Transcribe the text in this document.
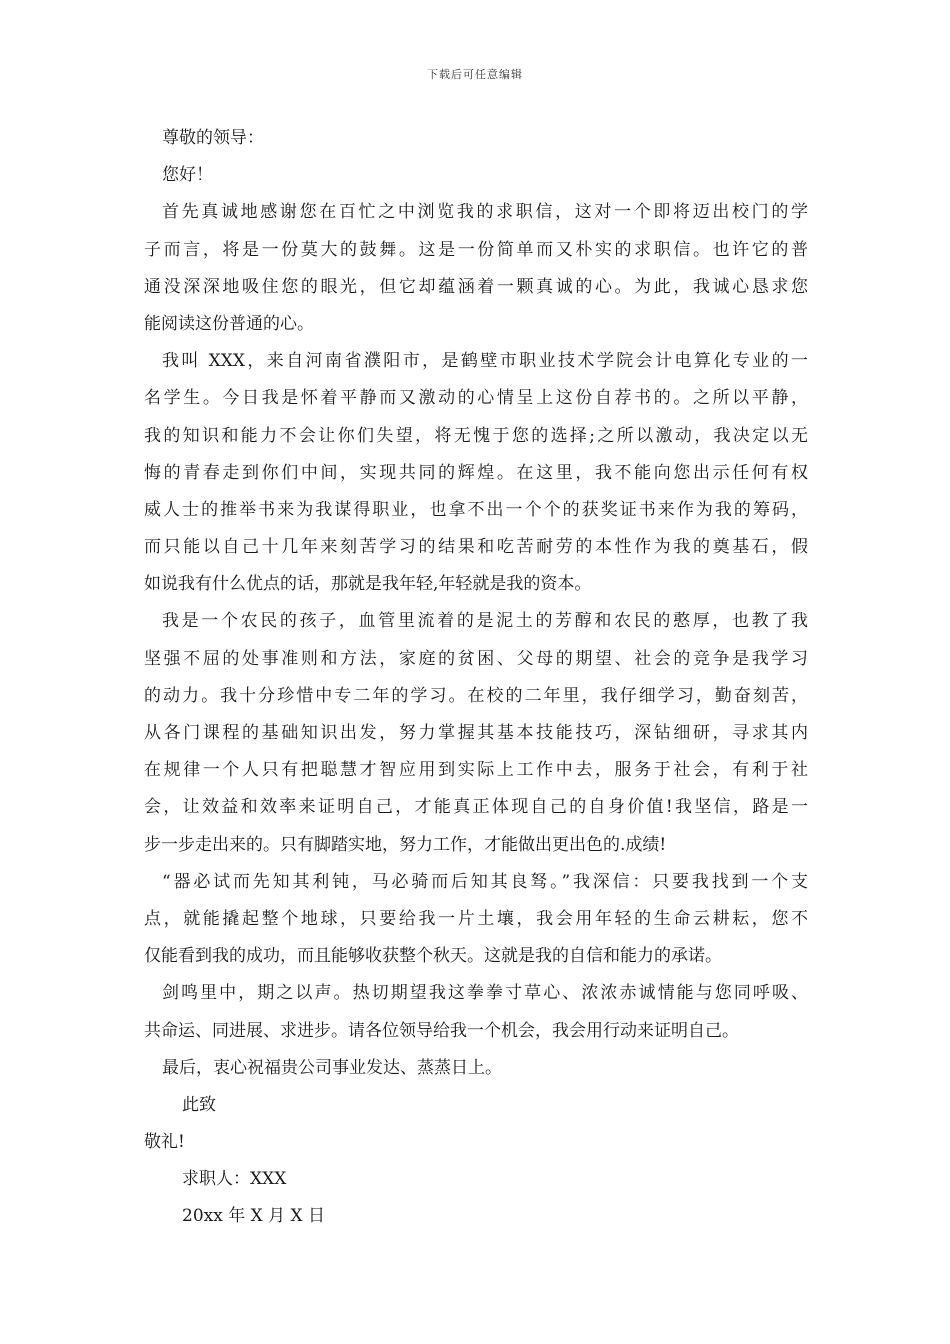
下载后可任意编辑
尊敬的领导：
您好！
首先真诚地感谢您在百忙之中浏览我的求职信，这对一个即将迈出校门的学
子而言，将是一份莫大的鼓舞。这是一份简单而又朴实的求职信。也许它的普
通没深深地吸住您的眼光，但它却蕴涵着一颗真诚的心。为此，我诚心恳求您
能阅读这份普通的心。
我叫 XXX，来自河南省濮阳市，是鹤壁市职业技术学院会计电算化专业的一
名学生。今日我是怀着平静而又激动的心情呈上这份自荐书的。之所以平静，
我的知识和能力不会让你们失望，将无愧于您的选择;之所以激动，我决定以无
悔的青春走到你们中间，实现共同的辉煌。在这里，我不能向您出示任何有权
威人士的推举书来为我谋得职业，也拿不出一个个的获奖证书来作为我的筹码，
而只能以自己十几年来刻苦学习的结果和吃苦耐劳的本性作为我的奠基石，假
如说我有什么优点的话，那就是我年轻,年轻就是我的资本。
我是一个农民的孩子，血管里流着的是泥土的芳醇和农民的憨厚，也教了我
坚强不屈的处事准则和方法，家庭的贫困、父母的期望、社会的竞争是我学习
的动力。我十分珍惜中专二年的学习。在校的二年里，我仔细学习，勤奋刻苦，
从各门课程的基础知识出发，努力掌握其基本技能技巧，深钻细研，寻求其内
在规律一个人只有把聪慧才智应用到实际上工作中去，服务于社会，有利于社
会，让效益和效率来证明自己，才能真正体现自己的自身价值!我坚信，路是一
步一步走出来的。只有脚踏实地，努力工作，才能做出更出色的.成绩!
“器必试而先知其利钝，马必骑而后知其良驽。”我深信：只要我找到一个支
点，就能撬起整个地球，只要给我一片土壤，我会用年轻的生命云耕耘，您不
仅能看到我的成功，而且能够收获整个秋天。这就是我的自信和能力的承诺。
剑鸣里中，期之以声。热切期望我这拳拳寸草心、浓浓赤诚情能与您同呼吸、
共命运、同进展、求进步。请各位领导给我一个机会，我会用行动来证明自己。
最后，衷心祝福贵公司事业发达、蒸蒸日上。
此致
敬礼!
求职人：XXX
20xx 年 X 月 X 日
